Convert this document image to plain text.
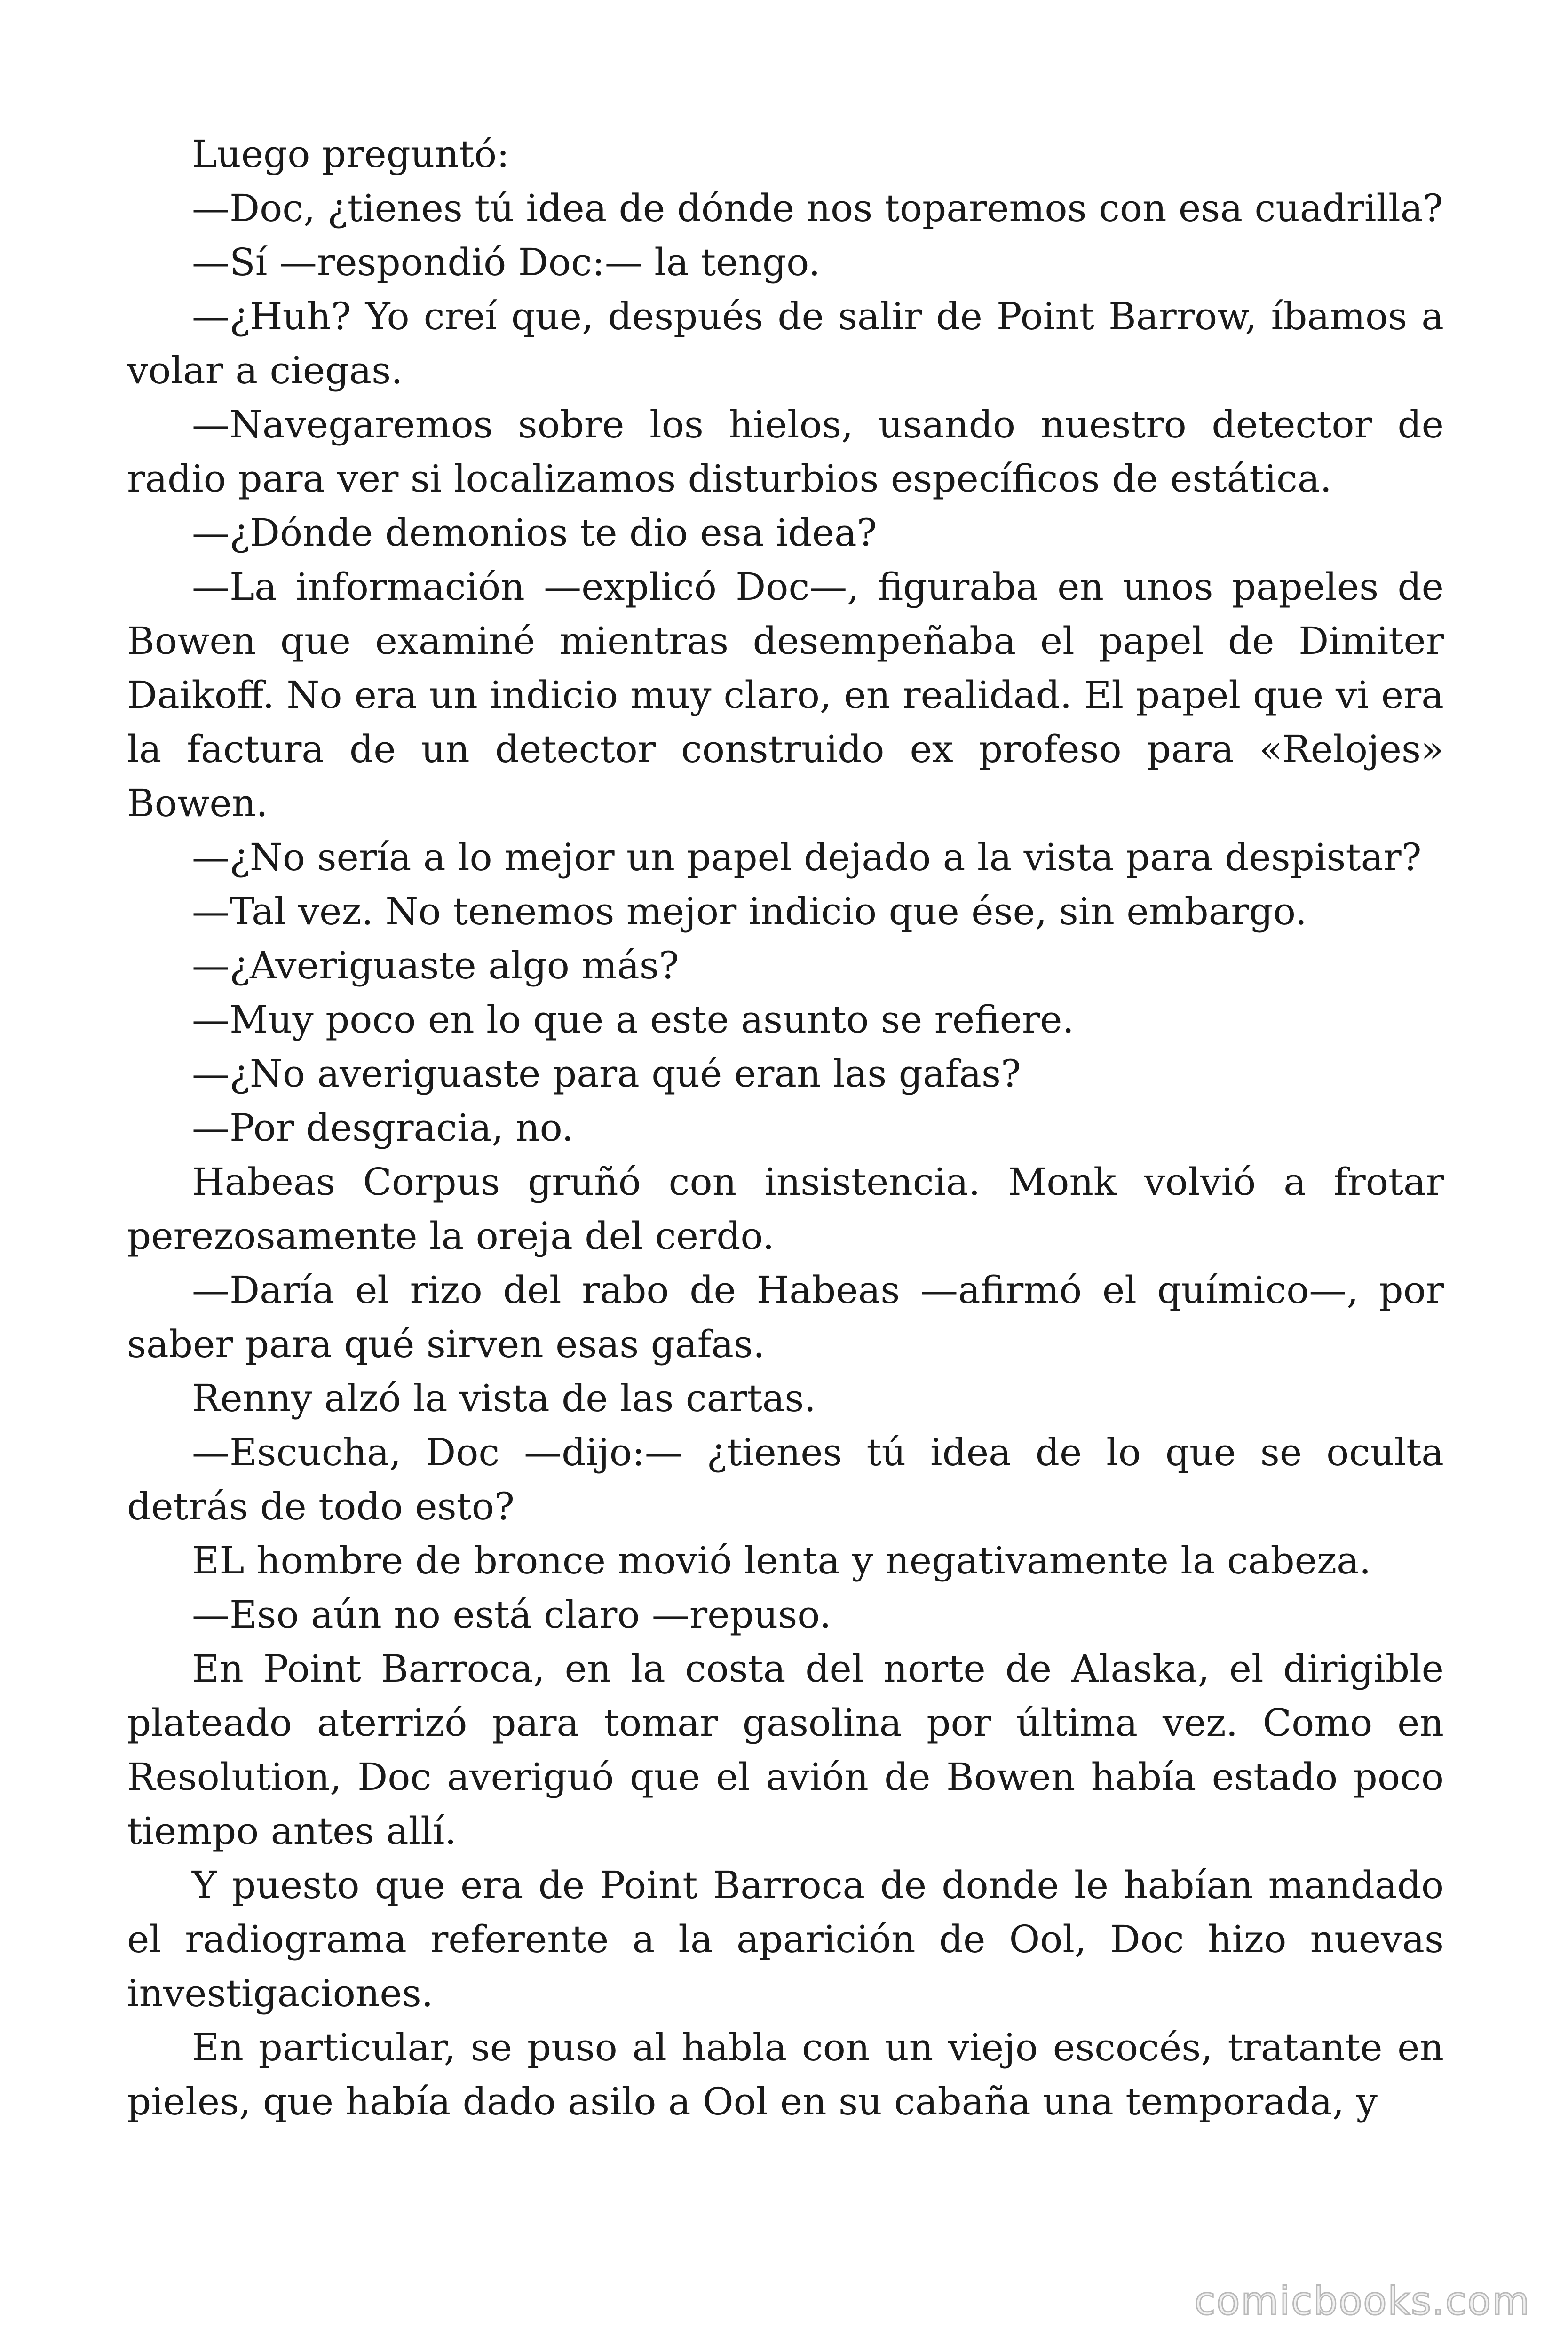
Luego preguntó:

—Doc, ¿tienes tú idea de dónde nos toparemos con esa cuadrilla?

—Sí —respondió Doc:— la tengo.

—¿Huh? Yo creí que, después de salir de Point Barrow, íbamos a volar a ciegas.

—Navegaremos sobre los hielos, usando nuestro detector de radio para ver si localizamos disturbios específicos de estática.

—¿Dónde demonios te dio esa idea?

—La información —explicó Doc—, figuraba en unos papeles de Bowen que examiné mientras desempeñaba el papel de Dimiter Daikoff. No era un indicio muy claro, en realidad. El papel que vi era la factura de un detector construido ex profeso para «Relojes» Bowen.

—¿No sería a lo mejor un papel dejado a la vista para despistar?

—Tal vez. No tenemos mejor indicio que ése, sin embargo.

—¿Averiguaste algo más?

—Muy poco en lo que a este asunto se refiere.

—¿No averiguaste para qué eran las gafas?

—Por desgracia, no.

Habeas Corpus gruñó con insistencia. Monk volvió a frotar perezosamente la oreja del cerdo.

—Daría el rizo del rabo de Habeas —afirmó el químico—, por saber para qué sirven esas gafas.

Renny alzó la vista de las cartas.

—Escucha, Doc —dijo:— ¿tienes tú idea de lo que se oculta detrás de todo esto?

EL hombre de bronce movió lenta y negativamente la cabeza.

—Eso aún no está claro —repuso.

En Point Barroca, en la costa del norte de Alaska, el dirigible plateado aterrizó para tomar gasolina por última vez. Como en Resolution, Doc averiguó que el avión de Bowen había estado poco tiempo antes allí.

Y puesto que era de Point Barroca de donde le habían mandado el radiograma referente a la aparición de Ool, Doc hizo nuevas investigaciones.

En particular, se puso al habla con un viejo escocés, tratante en pieles, que había dado asilo a Ool en su cabaña una temporada, y

comicbooks.com
